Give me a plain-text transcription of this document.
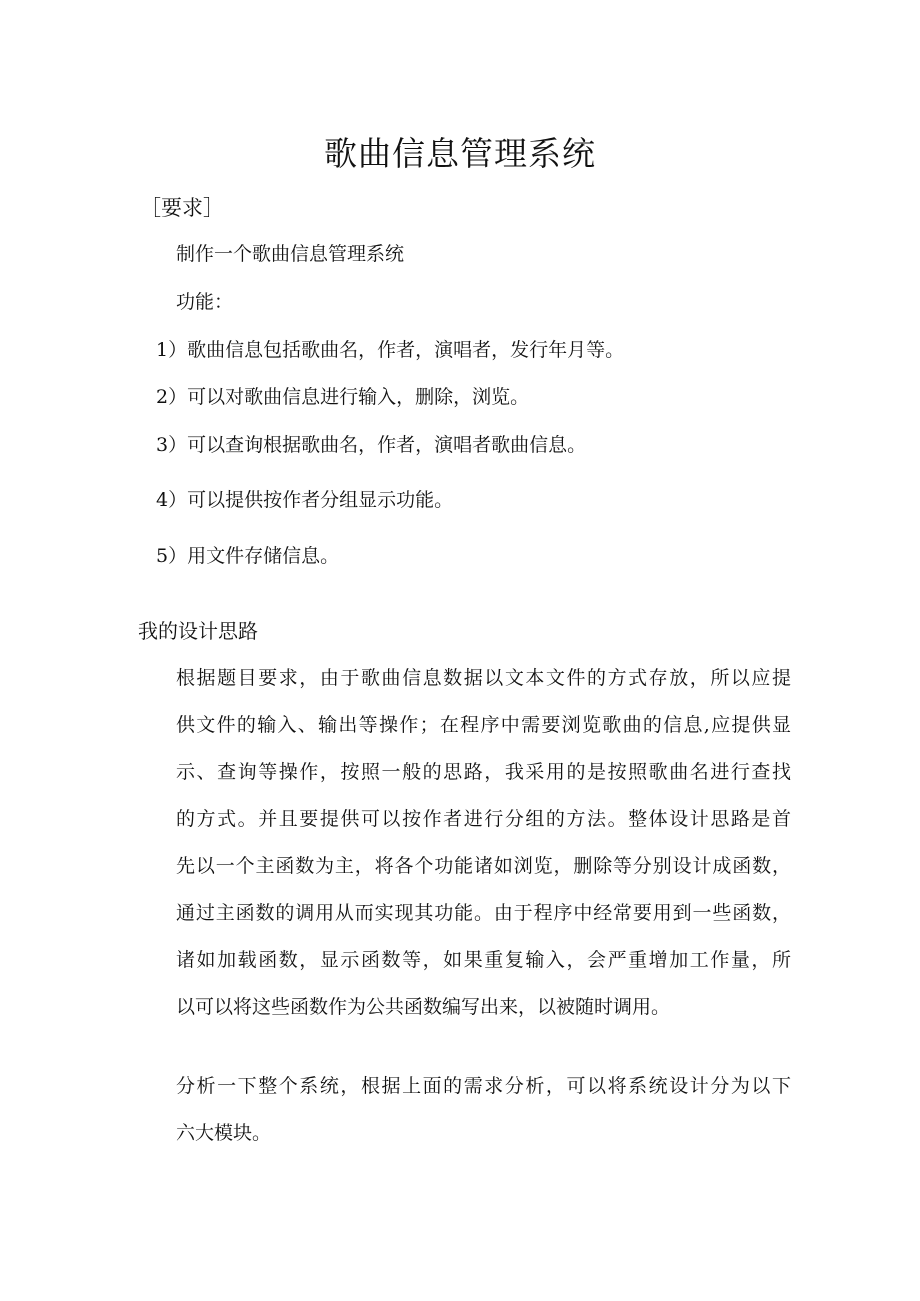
歌曲信息管理系统
［要求］
制作一个歌曲信息管理系统
功能：
1）歌曲信息包括歌曲名，作者，演唱者，发行年月等。
2）可以对歌曲信息进行输入，删除，浏览。
3）可以查询根据歌曲名，作者，演唱者歌曲信息。
4）可以提供按作者分组显示功能。
5）用文件存储信息。
我的设计思路
根据题目要求，由于歌曲信息数据以文本文件的方式存放，所以应提
供文件的输入、输出等操作；在程序中需要浏览歌曲的信息,应提供显
示、查询等操作，按照一般的思路，我采用的是按照歌曲名进行查找
的方式。并且要提供可以按作者进行分组的方法。整体设计思路是首
先以一个主函数为主，将各个功能诸如浏览，删除等分别设计成函数，
通过主函数的调用从而实现其功能。由于程序中经常要用到一些函数，
诸如加载函数，显示函数等，如果重复输入，会严重增加工作量，所
以可以将这些函数作为公共函数编写出来，以被随时调用。
分析一下整个系统，根据上面的需求分析，可以将系统设计分为以下
六大模块。
